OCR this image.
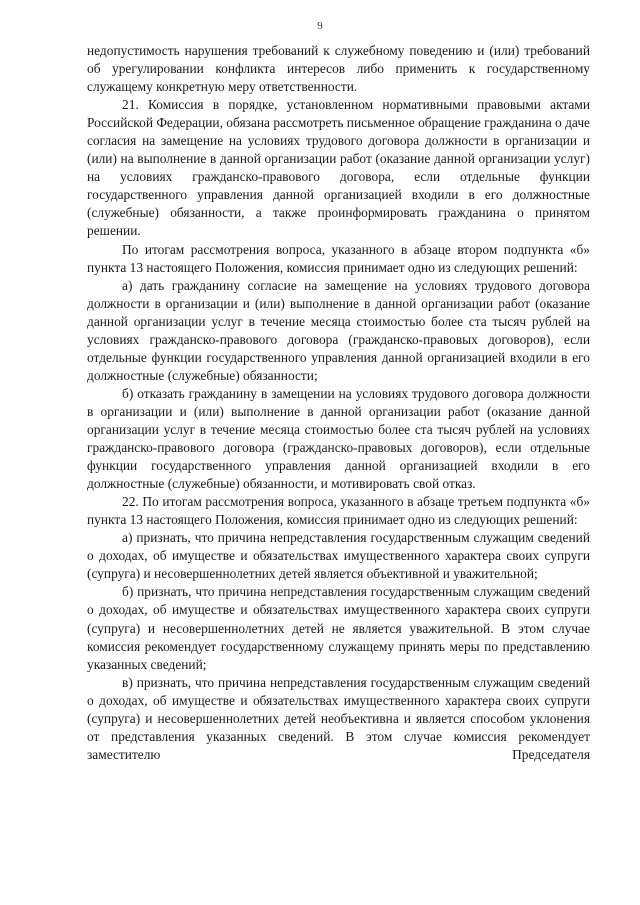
9

недопустимость нарушения требований к служебному поведению и (или) требований об урегулировании конфликта интересов либо применить к государственному служащему конкретную меру ответственности.

21. Комиссия в порядке, установленном нормативными правовыми актами Российской Федерации, обязана рассмотреть письменное обращение гражданина о даче согласия на замещение на условиях трудового договора должности в организации и (или) на выполнение в данной организации работ (оказание данной организации услуг) на условиях гражданско-правового договора, если отдельные функции государственного управления данной организацией входили в его должностные (служебные) обязанности, а также проинформировать гражданина о принятом решении.

По итогам рассмотрения вопроса, указанного в абзаце втором подпункта «б» пункта 13 настоящего Положения, комиссия принимает одно из следующих решений:

а) дать гражданину согласие на замещение на условиях трудового договора должности в организации и (или) выполнение в данной организации работ (оказание данной организации услуг в течение месяца стоимостью более ста тысяч рублей на условиях гражданско-правового договора (гражданско-правовых договоров), если отдельные функции государственного управления данной организацией входили в его должностные (служебные) обязанности;

б) отказать гражданину в замещении на условиях трудового договора должности в организации и (или) выполнение в данной организации работ (оказание данной организации услуг в течение месяца стоимостью более ста тысяч рублей на условиях гражданско-правового договора (гражданско-правовых договоров), если отдельные функции государственного управления данной организацией входили в его должностные (служебные) обязанности, и мотивировать свой отказ.

22. По итогам рассмотрения вопроса, указанного в абзаце третьем подпункта «б» пункта 13 настоящего Положения, комиссия принимает одно из следующих решений:

а) признать, что причина непредставления государственным служащим сведений о доходах, об имуществе и обязательствах имущественного характера своих супруги (супруга) и несовершеннолетних детей является объективной и уважительной;

б) признать, что причина непредставления государственным служащим сведений о доходах, об имуществе и обязательствах имущественного характера своих супруги (супруга) и несовершеннолетних детей не является уважительной. В этом случае комиссия рекомендует государственному служащему принять меры по представлению указанных сведений;

в) признать, что причина непредставления государственным служащим сведений о доходах, об имуществе и обязательствах имущественного характера своих супруги (супруга) и несовершеннолетних детей необъективна и является способом уклонения от представления указанных сведений. В этом случае комиссия рекомендует заместителю Председателя
